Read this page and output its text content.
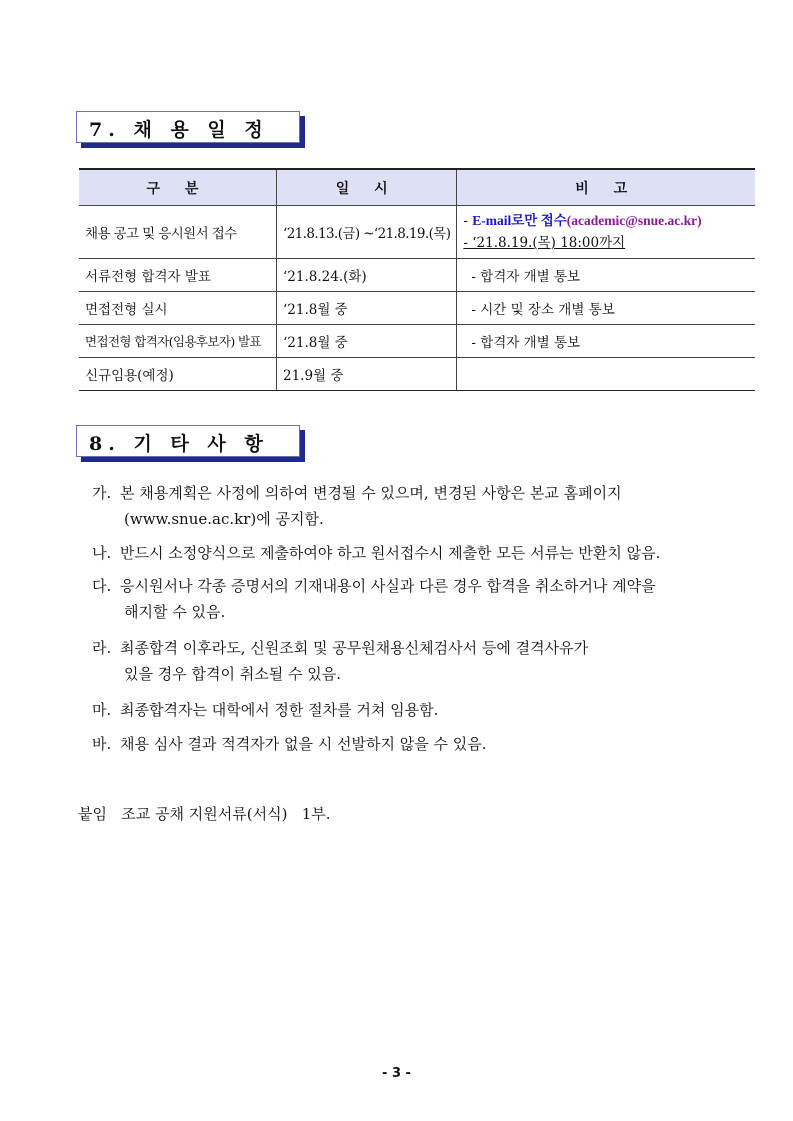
7. 채 용 일 정
구 분	일 시	비 고
채용 공고 및 응시원서 접수	‘21.8.13.(금) ~‘21.8.19.(목)	- E-mail로만 접수(academic@snue.ac.kr)
- ‘21.8.19.(목) 18:00까지

서류전형 합격자 발표	‘21.8.24.(화)	- 합격자 개별 통보
면접전형 실시	‘21.8월 중	- 시간 및 장소 개별 통보
면접전형 합격자(임용후보자) 발표	‘21.8월 중	- 합격자 개별 통보
신규임용(예정)	21.9월 중	
8. 기 타 사 항
가. 본 채용계획은 사정에 의하여 변경될 수 있으며, 변경된 사항은 본교 홈페이지
(www.snue.ac.kr)에 공지함.
나. 반드시 소정양식으로 제출하여야 하고 원서접수시 제출한 모든 서류는 반환치 않음.
다. 응시원서나 각종 증명서의 기재내용이 사실과 다른 경우 합격을 취소하거나 계약을
해지할 수 있음.
라. 최종합격 이후라도, 신원조회 및 공무원채용신체검사서 등에 결격사유가
있을 경우 합격이 취소될 수 있음.
마. 최종합격자는 대학에서 정한 절차를 거쳐 임용함.
바. 채용 심사 결과 적격자가 없을 시 선발하지 않을 수 있음.
붙임   조교 공채 지원서류(서식)   1부.
- 3 -
